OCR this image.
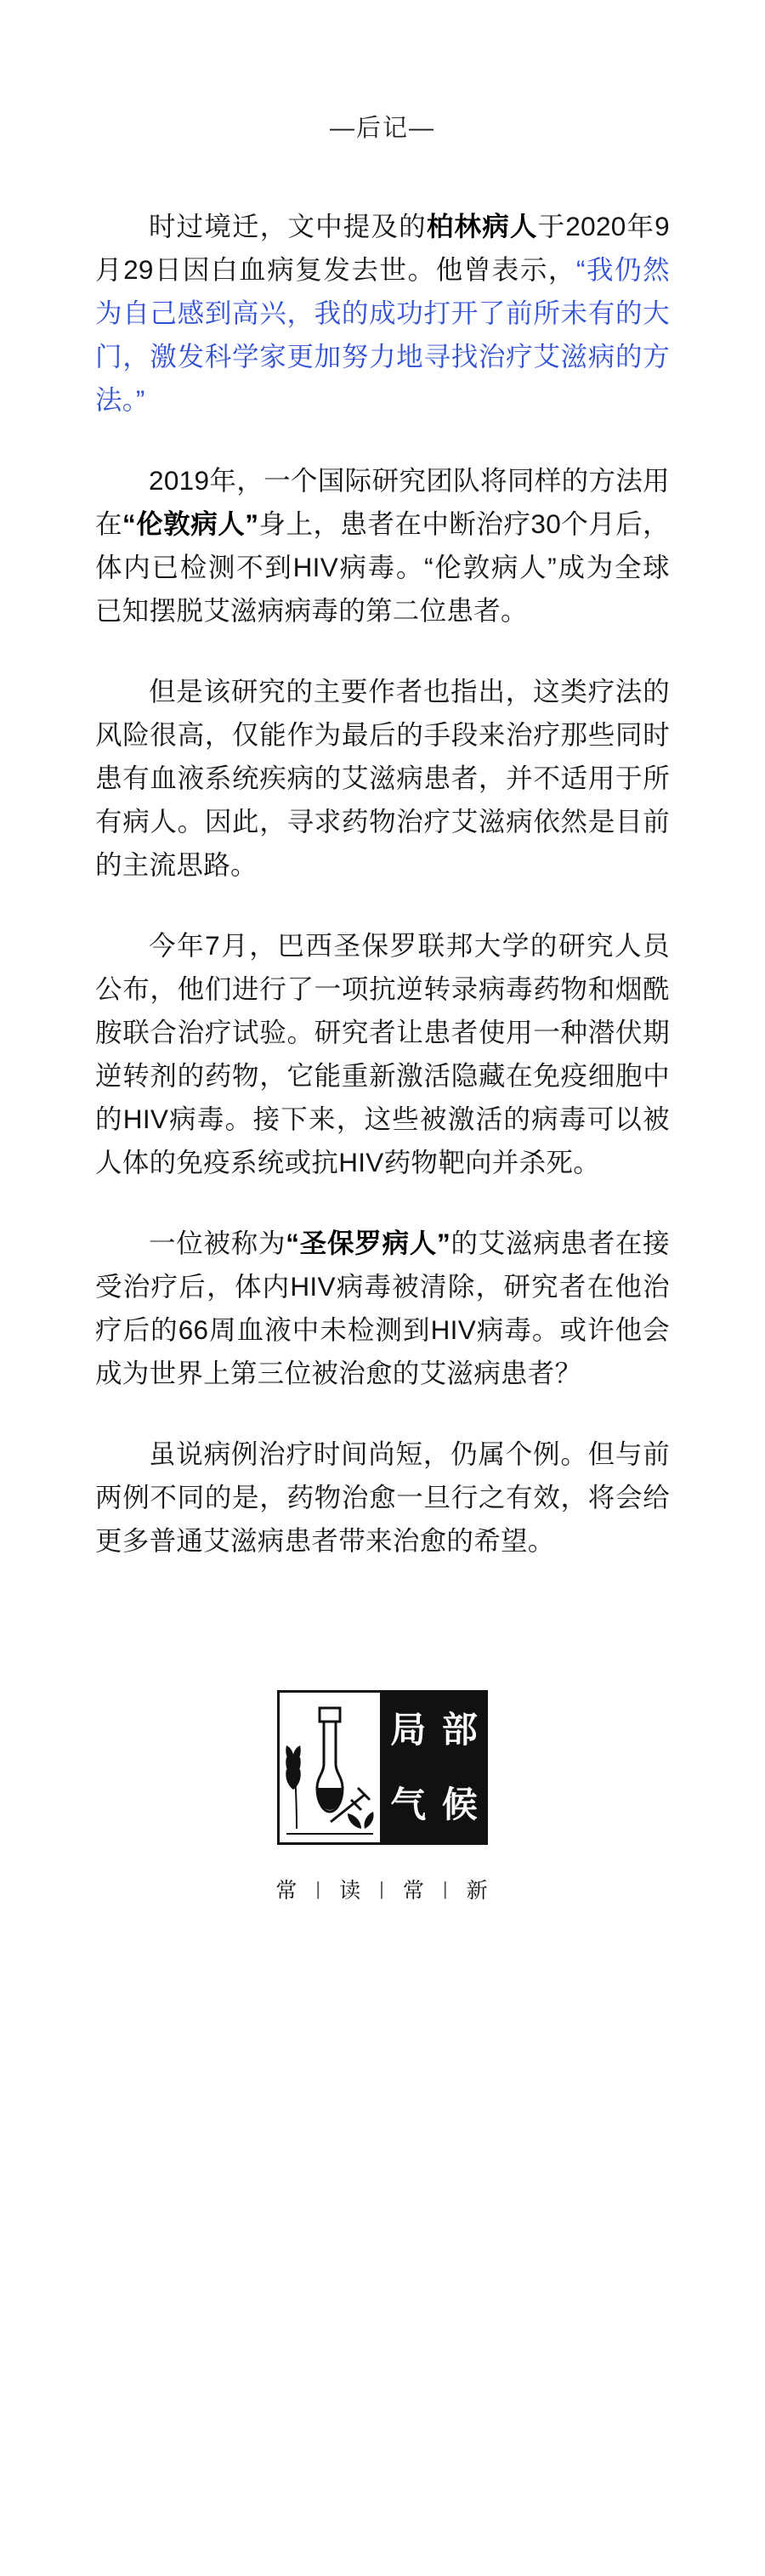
—后记—

时过境迁，文中提及的柏林病人于2020年9月29日因白血病复发去世。他曾表示，“我仍然为自己感到高兴，我的成功打开了前所未有的大门，激发科学家更加努力地寻找治疗艾滋病的方法。”

2019年，一个国际研究团队将同样的方法用在“伦敦病人”身上，患者在中断治疗30个月后，体内已检测不到HIV病毒。“伦敦病人”成为全球已知摆脱艾滋病病毒的第二位患者。

但是该研究的主要作者也指出，这类疗法的风险很高，仅能作为最后的手段来治疗那些同时患有血液系统疾病的艾滋病患者，并不适用于所有病人。因此，寻求药物治疗艾滋病依然是目前的主流思路。

今年7月，巴西圣保罗联邦大学的研究人员公布，他们进行了一项抗逆转录病毒药物和烟酰胺联合治疗试验。研究者让患者使用一种潜伏期逆转剂的药物，它能重新激活隐藏在免疫细胞中的HIV病毒。接下来，这些被激活的病毒可以被人体的免疫系统或抗HIV药物靶向并杀死。

一位被称为“圣保罗病人”的艾滋病患者在接受治疗后，体内HIV病毒被清除，研究者在他治疗后的66周血液中未检测到HIV病毒。或许他会成为世界上第三位被治愈的艾滋病患者？

虽说病例治疗时间尚短，仍属个例。但与前两例不同的是，药物治愈一旦行之有效，将会给更多普通艾滋病患者带来治愈的希望。

局 部
气 候
常 | 读 | 常 | 新
